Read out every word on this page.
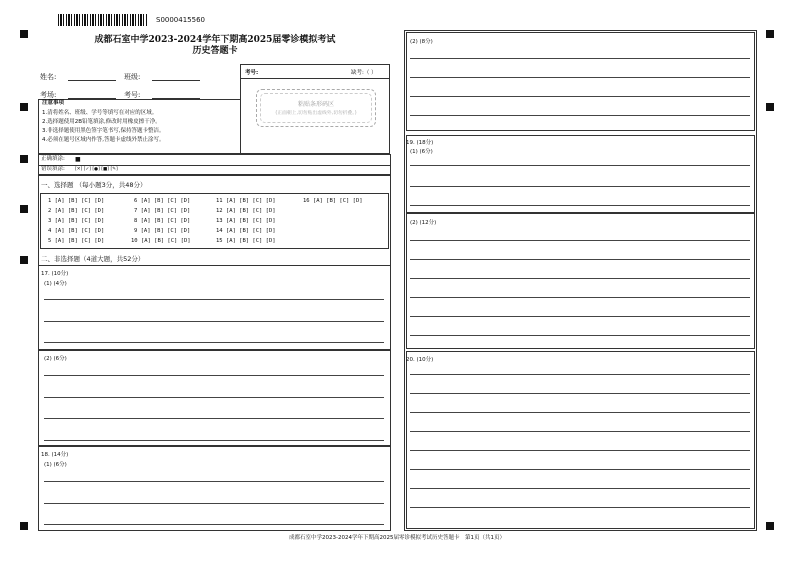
S0000415560
成都石室中学2023-2024学年下期高2025届零诊模拟考试
历史答题卡
姓名:	班级:
考场:	考号:
考号:	缺考:（ ）
粘贴条形码区
(正面朝上,切勿贴出虚线外,切勿折叠。)
注意事项
1.清将姓名、班级、学号等填写在对应的区域。
2.选择题使用2B铅笔填涂,修改时用橡皮擦干净。
3.非选择题使用黑色签字笔书写,保持答题卡整洁。
4.必须在题号区域内作答,答题卡虚线外禁止涂写。
正确填涂: ■
错误填涂: [✕] [✓] [●] [■] [✎]
一、选择题 （每小题3分，共48分）
1 [A] [B] [C] [D]
2 [A] [B] [C] [D]
3 [A] [B] [C] [D]
4 [A] [B] [C] [D]
5 [A] [B] [C] [D]
6 [A] [B] [C] [D]
7 [A] [B] [C] [D]
8 [A] [B] [C] [D]
9 [A] [B] [C] [D]
10 [A] [B] [C] [D]
11 [A] [B] [C] [D]
12 [A] [B] [C] [D]
13 [A] [B] [C] [D]
14 [A] [B] [C] [D]
15 [A] [B] [C] [D]
16 [A] [B] [C] [D]
二、非选择题（4道大题，共52分）
17. (10分)
(1) (4分)
(2) (6分)
18. (14分)
(1) (6分)
(2) (8分)
19. (18分)
(1) (6分)
(2) (12分)
20. (10分)
成都石室中学2023-2024学年下期高2025届零诊模拟考试历史答题卡　第1页（共1页）
